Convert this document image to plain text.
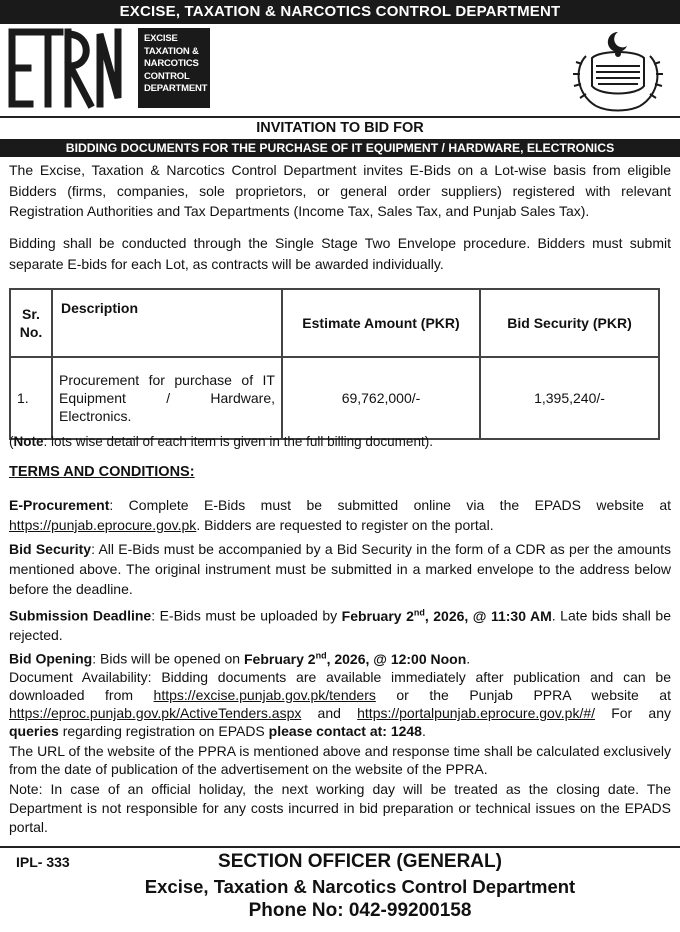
EXCISE, TAXATION & NARCOTICS CONTROL DEPARTMENT
ETNC
EXCISE
TAXATION &
NARCOTICS
CONTROL
DEPARTMENT
INVITATION TO BID FOR
BIDDING DOCUMENTS FOR THE PURCHASE OF IT EQUIPMENT / HARDWARE, ELECTRONICS
The Excise, Taxation & Narcotics Control Department invites E-Bids on a Lot-wise basis from eligible Bidders (firms, companies, sole proprietors, or general order suppliers) registered with relevant Registration Authorities and Tax Departments (Income Tax, Sales Tax, and Punjab Sales Tax).
Bidding shall be conducted through the Single Stage Two Envelope procedure. Bidders must submit separate E-bids for each Lot, as contracts will be awarded individually.
Sr. No.	Description	Estimate Amount (PKR)	Bid Security (PKR)
1.	Procurement for purchase of IT Equipment / Hardware, Electronics.	69,762,000/-	1,395,240/-
(Note: lots wise detail of each item is given in the full billing document).
TERMS AND CONDITIONS:
E-Procurement: Complete E-Bids must be submitted online via the EPADS website at https://punjab.eprocure.gov.pk. Bidders are requested to register on the portal.
Bid Security: All E-Bids must be accompanied by a Bid Security in the form of a CDR as per the amounts mentioned above. The original instrument must be submitted in a marked envelope to the address below before the deadline.
Submission Deadline: E-Bids must be uploaded by February 2nd, 2026, @ 11:30 AM. Late bids shall be rejected.
Bid Opening: Bids will be opened on February 2nd, 2026, @ 12:00 Noon.
Document Availability: Bidding documents are available immediately after publication and can be downloaded from https://excise.punjab.gov.pk/tenders or the Punjab PPRA website at https://eproc.punjab.gov.pk/ActiveTenders.aspx and https://portalpunjab.eprocure.gov.pk/#/ For any queries regarding registration on EPADS please contact at: 1248.
The URL of the website of the PPRA is mentioned above and response time shall be calculated exclusively from the date of publication of the advertisement on the website of the PPRA.
Note: In case of an official holiday, the next working day will be treated as the closing date. The Department is not responsible for any costs incurred in bid preparation or technical issues on the EPADS portal.
IPL- 333	SECTION OFFICER (GENERAL)
Excise, Taxation & Narcotics Control Department
Phone No: 042-99200158
